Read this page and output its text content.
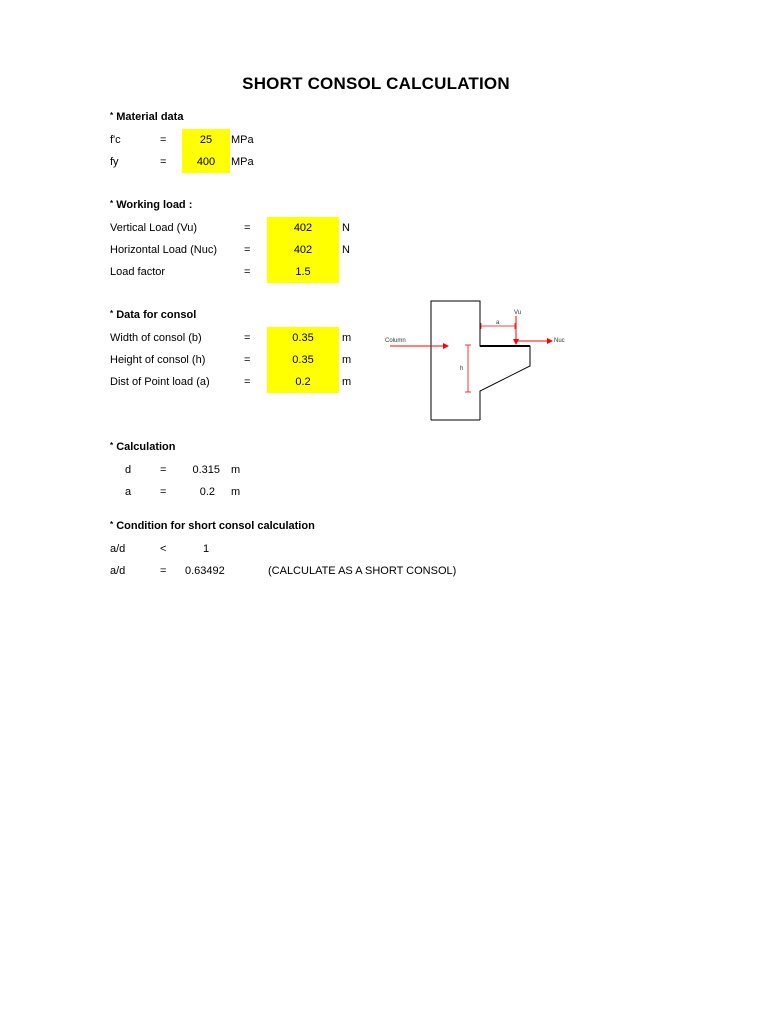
SHORT CONSOL CALCULATION
* Material data
f'c	=	25	MPa
fy	=	400	MPa
* Working load :
Vertical Load (Vu)	=	402	N
Horizontal Load (Nuc) =	402	N
Load factor	=	1.5
* Data for consol
Width of consol (b)	=	0.35	m
Height of consol (h)	=	0.35	m
Dist of Point load (a)	=	0.2	m
Column	Nuc
Vu
a
h
* Calculation
d	=	0.315 m
a	=	0.2 m
* Condition for short consol calculation
a/d	<	1
a/d	= 0.63492	(CALCULATE AS A SHORT CONSOL)
